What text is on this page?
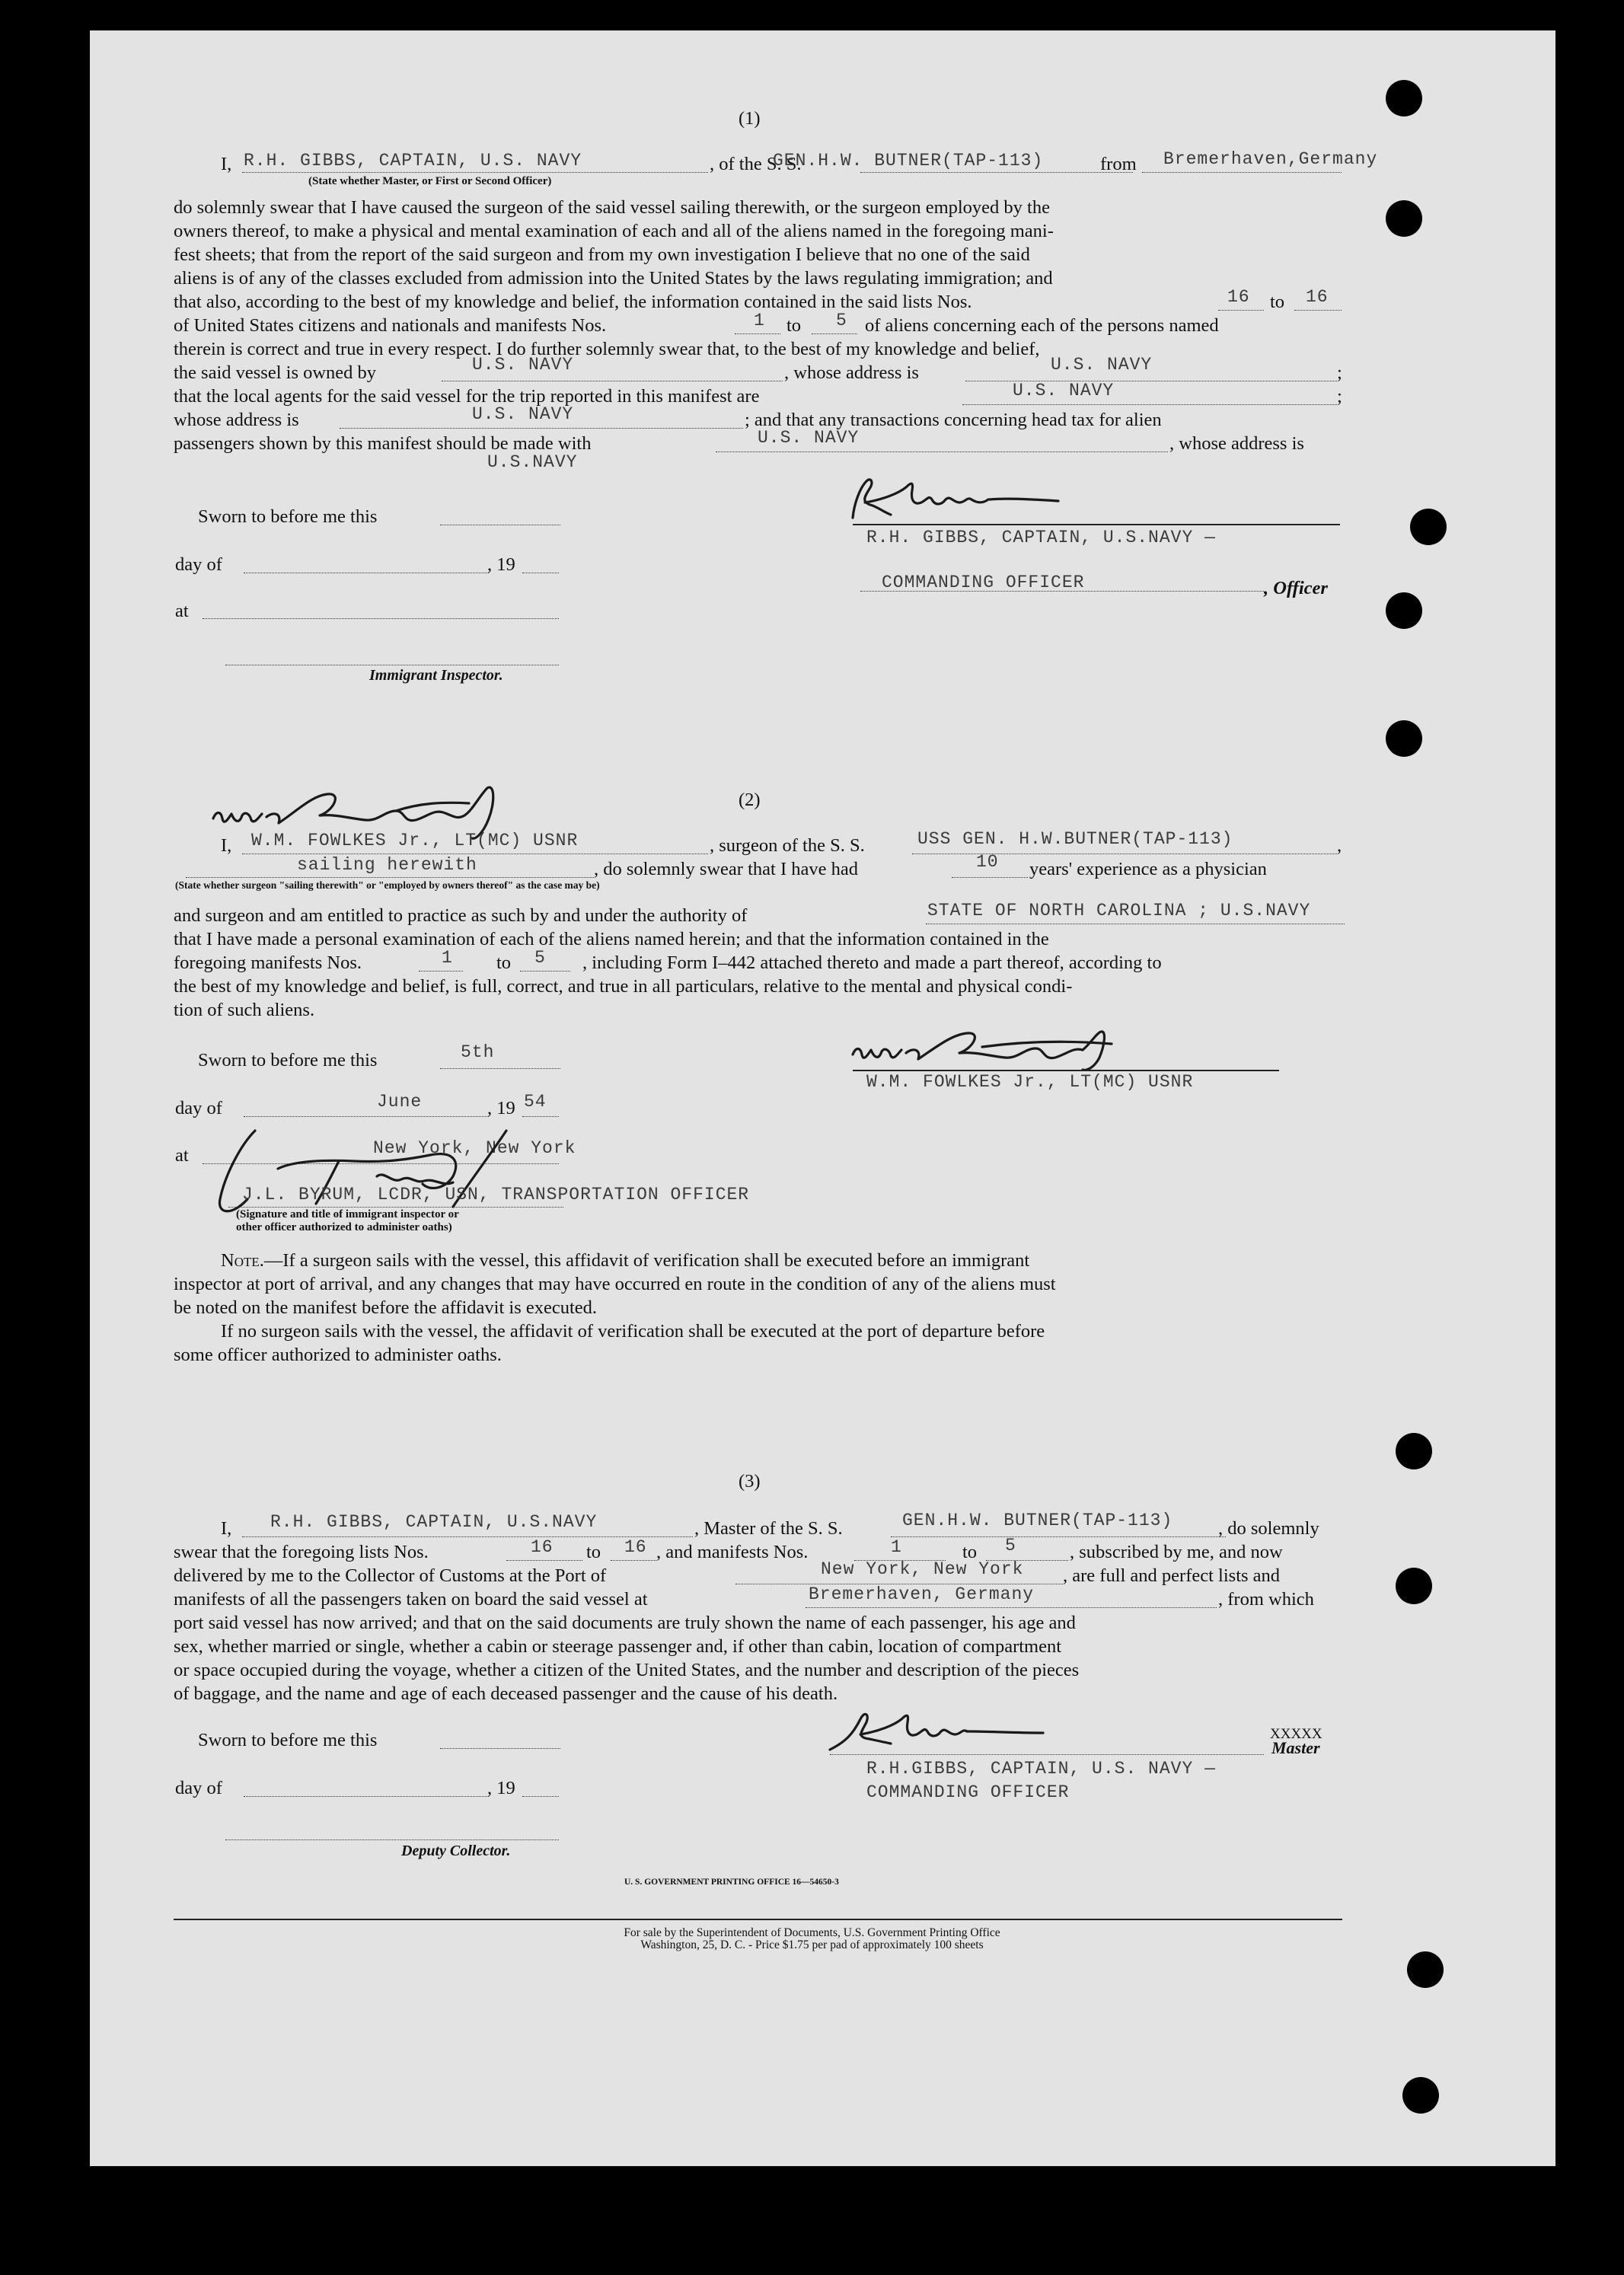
(1)
I, R.H. GIBBS, CAPTAIN, U.S. NAVY	, of the S. S.
GEN.H.W. BUTNER(TAP-113)	from Bremerhaven,Germany
(State whether Master, or First or Second Officer)
do solemnly swear that I have caused the surgeon of the said vessel sailing therewith, or the surgeon employed by the
owners thereof, to make a physical and mental examination of each and all of the aliens named in the foregoing mani-
fest sheets; that from the report of the said surgeon and from my own investigation I believe that no one of the said
aliens is of any of the classes excluded from admission into the United States by the laws regulating immigration; and
that also, according to the best of my knowledge and belief, the information contained in the said lists Nos.	16 to 16
of United States citizens and nationals and manifests Nos.	1 to 5 of aliens concerning each of the persons named
therein is correct and true in every respect. I do further solemnly swear that, to the best of my knowledge and belief,
the said vessel is owned by	U.S. NAVY	, whose address is	U.S. NAVY	;
that the local agents for the said vessel for the trip reported in this manifest are	U.S. NAVY	;
whose address is	U.S. NAVY	; and that any transactions concerning head tax for alien
passengers shown by this manifest should be made with	U.S. NAVY	, whose address is
U.S.NAVY
Sworn to before me this
day of	, 19
at
Immigrant Inspector.
R.H. GIBBS, CAPTAIN, U.S.NAVY —
COMMANDING OFFICER	, Officer
(2)
I, W.M. FOWLKES Jr., LT(MC) USNR	, surgeon of the S. S.	USS GEN. H.W.BUTNER(TAP-113)	,
sailing herewith	, do solemnly swear that I have had	10 years' experience as a physician
(State whether surgeon "sailing therewith" or "employed by owners thereof" as the case may be)
and surgeon and am entitled to practice as such by and under the authority of	STATE OF NORTH CAROLINA ; U.S.NAVY
that I have made a personal examination of each of the aliens named herein; and that the information contained in the
foregoing manifests Nos.	1 to 5 , including Form I–442 attached thereto and made a part thereof, according to
the best of my knowledge and belief, is full, correct, and true in all particulars, relative to the mental and physical condi-
tion of such aliens.
Sworn to before me this	5th
day of	June	, 19 54
at	New York, New York
J.L. BYRUM, LCDR, USN, TRANSPORTATION OFFICER
(Signature and title of immigrant inspector or
other officer authorized to administer oaths)
W.M. FOWLKES Jr., LT(MC) USNR
Note.—If a surgeon sails with the vessel, this affidavit of verification shall be executed before an immigrant
inspector at port of arrival, and any changes that may have occurred en route in the condition of any of the aliens must
be noted on the manifest before the affidavit is executed.
If no surgeon sails with the vessel, the affidavit of verification shall be executed at the port of departure before
some officer authorized to administer oaths.
(3)
I, R.H. GIBBS, CAPTAIN, U.S.NAVY	, Master of the S. S.	GEN.H.W. BUTNER(TAP-113) , do solemnly
swear that the foregoing lists Nos.	16 to 16 , and manifests Nos.	1	to 5	, subscribed by me, and now
delivered by me to the Collector of Customs at the Port of	New York, New York , are full and perfect lists and
manifests of all the passengers taken on board the said vessel at	Bremerhaven, Germany	, from which
port said vessel has now arrived; and that on the said documents are truly shown the name of each passenger, his age and
sex, whether married or single, whether a cabin or steerage passenger and, if other than cabin, location of compartment
or space occupied during the voyage, whether a citizen of the United States, and the number and description of the pieces
of baggage, and the name and age of each deceased passenger and the cause of his death.
Sworn to before me this
day of	, 19
Deputy Collector.
XXXXX
Master
R.H.GIBBS, CAPTAIN, U.S. NAVY —
COMMANDING OFFICER
U. S. GOVERNMENT PRINTING OFFICE 16—54650-3
For sale by the Superintendent of Documents, U.S. Government Printing Office
Washington, 25, D. C. - Price $1.75 per pad of approximately 100 sheets
